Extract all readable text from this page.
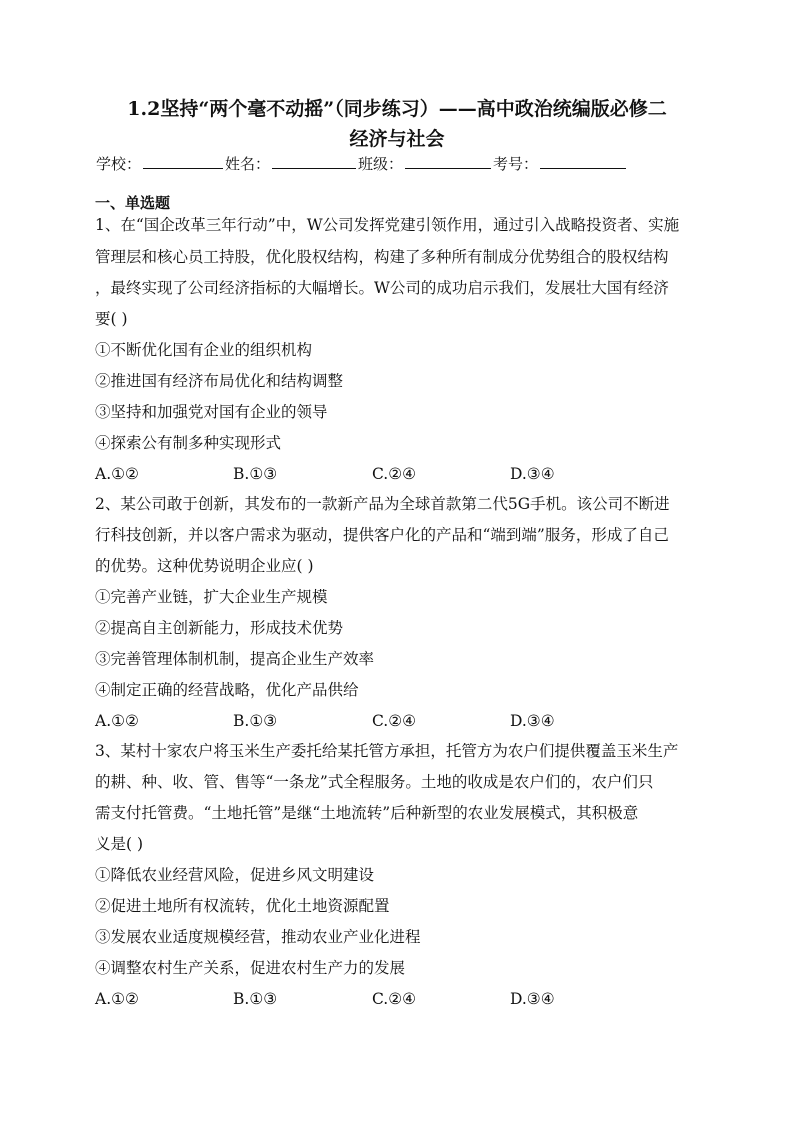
1.2坚持“两个毫不动摇”（同步练习）——高中政治统编版必修二
经济与社会
学校：	姓名：	班级：	考号：
一、单选题
1、在“国企改革三年行动”中，W公司发挥党建引领作用，通过引入战略投资者、实施
管理层和核心员工持股，优化股权结构，构建了多种所有制成分优势组合的股权结构
，最终实现了公司经济指标的大幅增长。W公司的成功启示我们，发展壮大国有经济
要( )
①不断优化国有企业的组织机构
②推进国有经济布局优化和结构调整
③坚持和加强党对国有企业的领导
④探索公有制多种实现形式
A.①②	B.①③	C.②④	D.③④
2、某公司敢于创新，其发布的一款新产品为全球首款第二代5G手机。该公司不断进
行科技创新，并以客户需求为驱动，提供客户化的产品和“端到端”服务，形成了自己
的优势。这种优势说明企业应( )
①完善产业链，扩大企业生产规模
②提高自主创新能力，形成技术优势
③完善管理体制机制，提高企业生产效率
④制定正确的经营战略，优化产品供给
A.①②	B.①③	C.②④	D.③④
3、某村十家农户将玉米生产委托给某托管方承担，托管方为农户们提供覆盖玉米生产
的耕、种、收、管、售等“一条龙”式全程服务。土地的收成是农户们的，农户们只
需支付托管费。“土地托管”是继“土地流转”后种新型的农业发展模式，其积极意
义是( )
①降低农业经营风险，促进乡风文明建设
②促进土地所有权流转，优化土地资源配置
③发展农业适度规模经营，推动农业产业化进程
④调整农村生产关系，促进农村生产力的发展
A.①②	B.①③	C.②④	D.③④
